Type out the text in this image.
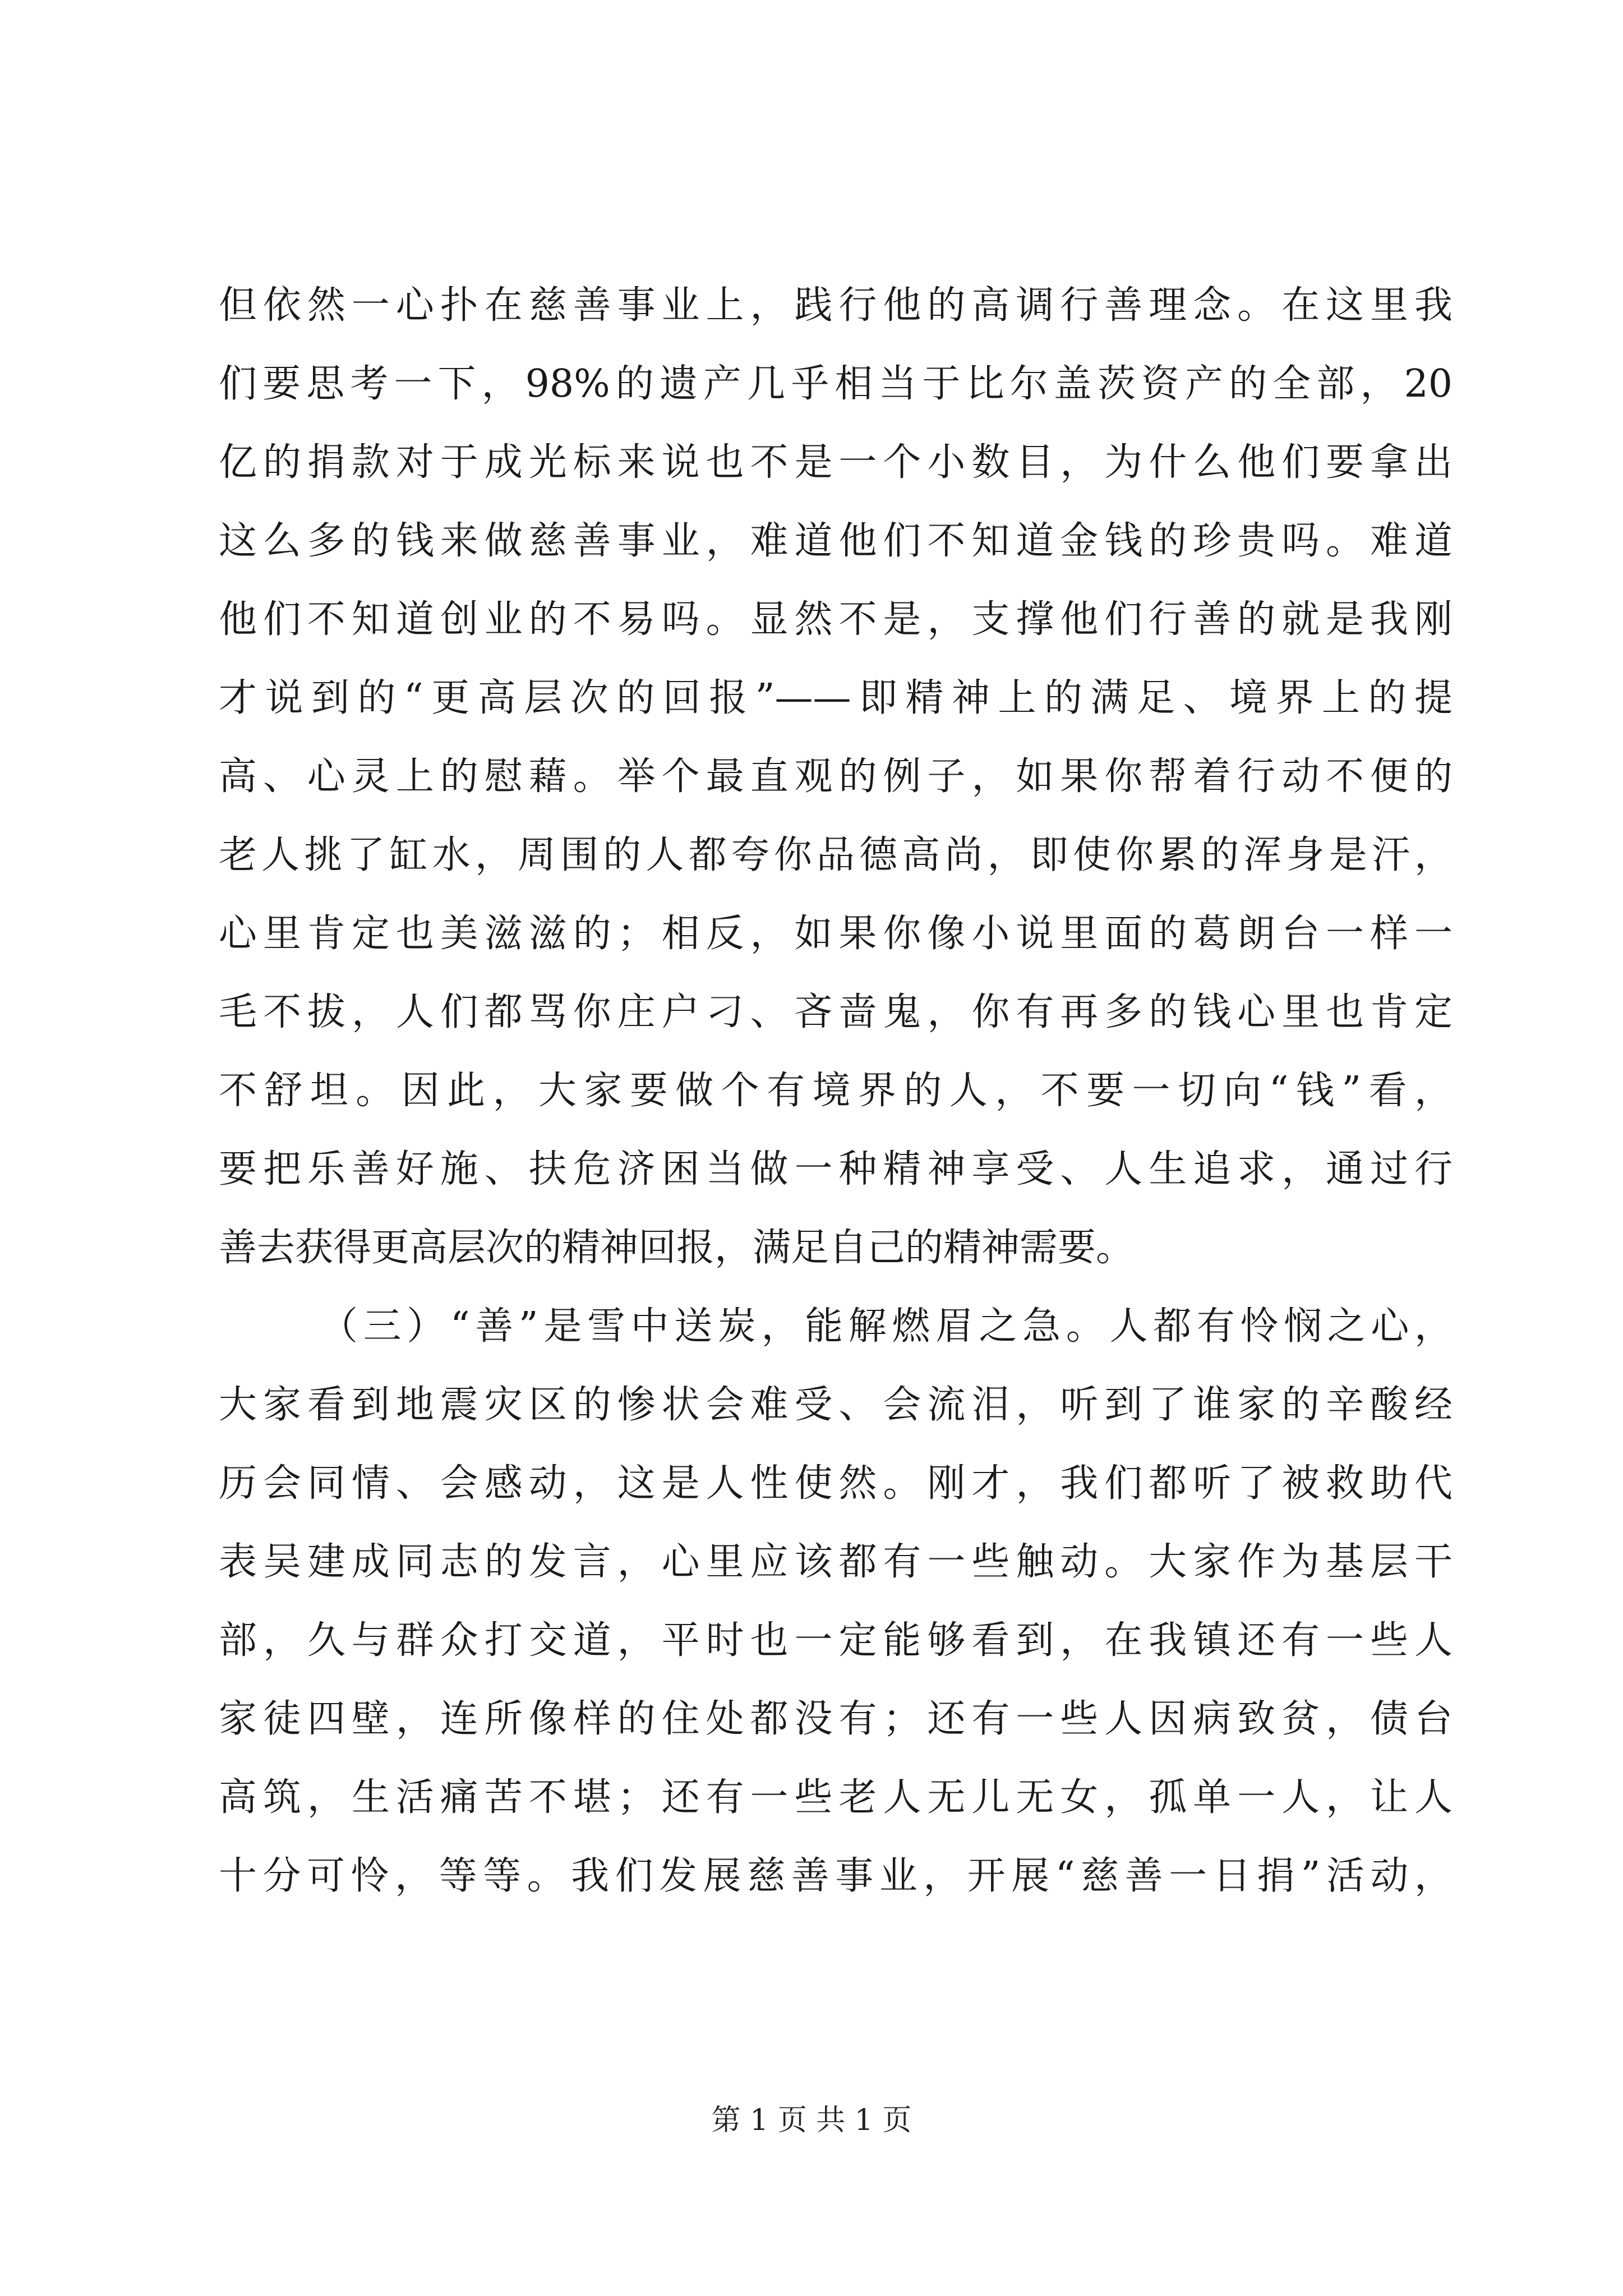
但依然一心扑在慈善事业上，践行他的高调行善理念。在这里我
们要思考一下，98%的遗产几乎相当于比尔盖茨资产的全部，20
亿的捐款对于成光标来说也不是一个小数目，为什么他们要拿出
这么多的钱来做慈善事业，难道他们不知道金钱的珍贵吗。难道
他们不知道创业的不易吗。显然不是，支撑他们行善的就是我刚
才说到的“更高层次的回报”——即精神上的满足、境界上的提
高、心灵上的慰藉。举个最直观的例子，如果你帮着行动不便的
老人挑了缸水，周围的人都夸你品德高尚，即使你累的浑身是汗，
心里肯定也美滋滋的；相反，如果你像小说里面的葛朗台一样一
毛不拔，人们都骂你庄户刁、吝啬鬼，你有再多的钱心里也肯定
不舒坦。因此，大家要做个有境界的人，不要一切向“钱”看，
要把乐善好施、扶危济困当做一种精神享受、人生追求，通过行
善去获得更高层次的精神回报，满足自己的精神需要。
（三）“善”是雪中送炭，能解燃眉之急。人都有怜悯之心，
大家看到地震灾区的惨状会难受、会流泪，听到了谁家的辛酸经
历会同情、会感动，这是人性使然。刚才，我们都听了被救助代
表吴建成同志的发言，心里应该都有一些触动。大家作为基层干
部，久与群众打交道，平时也一定能够看到，在我镇还有一些人
家徒四壁，连所像样的住处都没有；还有一些人因病致贫，债台
高筑，生活痛苦不堪；还有一些老人无儿无女，孤单一人，让人
十分可怜，等等。我们发展慈善事业，开展“慈善一日捐”活动，
第 1 页 共 1 页
